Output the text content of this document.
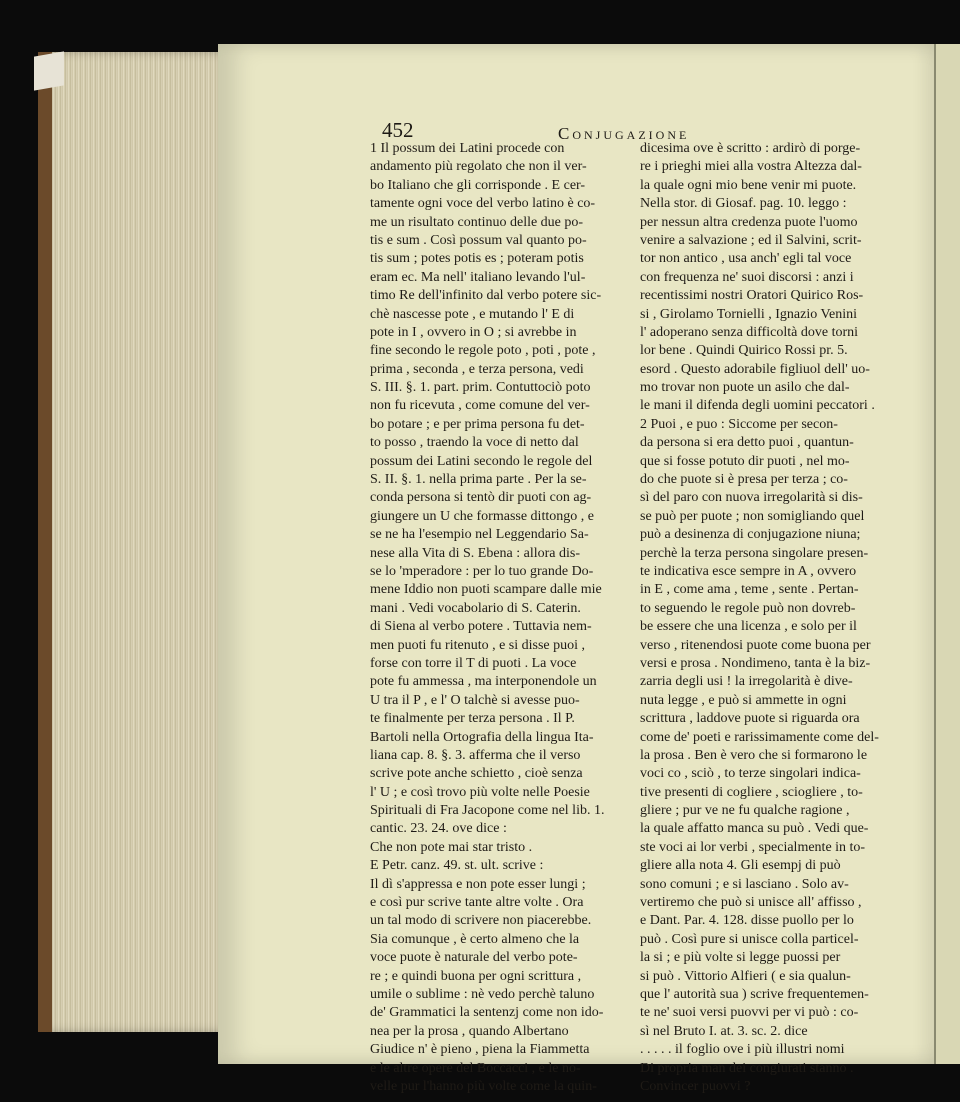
452	Conjugazione
1 Il possum dei Latini procede con
andamento più regolato che non il ver-
bo Italiano che gli corrisponde . E cer-
tamente ogni voce del verbo latino è co-
me un risultato continuo delle due po-
tis e sum . Così possum val quanto po-
tis sum ; potes potis es ; poteram potis
eram ec. Ma nell' italiano levando l'ul-
timo Re dell'infinito dal verbo potere sic-
chè nascesse pote , e mutando l' E di
pote in I , ovvero in O ; si avrebbe in
fine secondo le regole poto , poti , pote ,
prima , seconda , e terza persona, vedi
S. III. §. 1. part. prim. Contuttociò poto
non fu ricevuta , come comune del ver-
bo potare ; e per prima persona fu det-
to posso , traendo la voce di netto dal
possum dei Latini secondo le regole del
S. II. §. 1. nella prima parte . Per la se-
conda persona si tentò dir puoti con ag-
giungere un U che formasse dittongo , e
se ne ha l'esempio nel Leggendario Sa-
nese alla Vita di S. Ebena : allora dis-
se lo 'mperadore : per lo tuo grande Do-
mene Iddio non puoti scampare dalle mie
mani . Vedi vocabolario di S. Caterin.
di Siena al verbo potere . Tuttavia nem-
men puoti fu ritenuto , e si disse puoi ,
forse con torre il T di puoti . La voce
pote fu ammessa , ma interponendole un
U tra il P , e l' O talchè si avesse puo-
te finalmente per terza persona . Il P.
Bartoli nella Ortografia della lingua Ita-
liana cap. 8. §. 3. afferma che il verso
scrive pote anche schietto , cioè senza
l' U ; e così trovo più volte nelle Poesie
Spirituali di Fra Jacopone come nel lib. 1.
cantic. 23. 24. ove dice :
Che non pote mai star tristo .
E Petr. canz. 49. st. ult. scrive :
Il dì s'appressa e non pote esser lungi ;
e così pur scrive tante altre volte . Ora
un tal modo di scrivere non piacerebbe.
Sia comunque , è certo almeno che la
voce puote è naturale del verbo pote-
re ; e quindi buona per ogni scrittura ,
umile o sublime : nè vedo perchè taluno
de' Grammatici la sentenzj come non ido-
nea per la prosa , quando Albertano
Giudice n' è pieno , piena la Fiammetta
e le altre opere del Boccacci , e le no-
velle pur l'hanno più volte come la quin-
dicesima ove è scritto : ardirò di porge-
re i prieghi miei alla vostra Altezza dal-
la quale ogni mio bene venir mi puote.
Nella stor. di Giosaf. pag. 10. leggo :
per nessun altra credenza puote l'uomo
venire a salvazione ; ed il Salvini, scrit-
tor non antico , usa anch' egli tal voce
con frequenza ne' suoi discorsi : anzi i
recentissimi nostri Oratori Quirico Ros-
si , Girolamo Tornielli , Ignazio Venini
l' adoperano senza difficoltà dove torni
lor bene . Quindi Quirico Rossi pr. 5.
esord . Questo adorabile figliuol dell' uo-
mo trovar non puote un asilo che dal-
le mani il difenda degli uomini peccatori .
2 Puoi , e puo : Siccome per secon-
da persona si era detto puoi , quantun-
que si fosse potuto dir puoti , nel mo-
do che puote si è presa per terza ; co-
sì del paro con nuova irregolarità si dis-
se può per puote ; non somigliando quel
può a desinenza di conjugazione niuna;
perchè la terza persona singolare presen-
te indicativa esce sempre in A , ovvero
in E , come ama , teme , sente . Pertan-
to seguendo le regole può non dovreb-
be essere che una licenza , e solo per il
verso , ritenendosi puote come buona per
versi e prosa . Nondimeno, tanta è la biz-
zarria degli usi ! la irregolarità è dive-
nuta legge , e può si ammette in ogni
scrittura , laddove puote si riguarda ora
come de' poeti e rarissimamente come del-
la prosa . Ben è vero che si formarono le
voci co , sciò , to terze singolari indica-
tive presenti di cogliere , sciogliere , to-
gliere ; pur ve ne fu qualche ragione ,
la quale affatto manca su può . Vedi que-
ste voci ai lor verbi , specialmente in to-
gliere alla nota 4. Gli esempj di può
sono comuni ; e si lasciano . Solo av-
vertiremo che può si unisce all' affisso ,
e Dant. Par. 4. 128. disse puollo per lo
può . Così pure si unisce colla particel-
la si ; e più volte si legge puossi per
si può . Vittorio Alfieri ( e sia qualun-
que l' autorità sua ) scrive frequentemen-
te ne' suoi versi puovvi per vi può : co-
sì nel Bruto I. at. 3. sc. 2. dice
. . . . . il foglio ove i più illustri nomi
Di propria man dei congiurati stanno .
Convincer puovvi ?
